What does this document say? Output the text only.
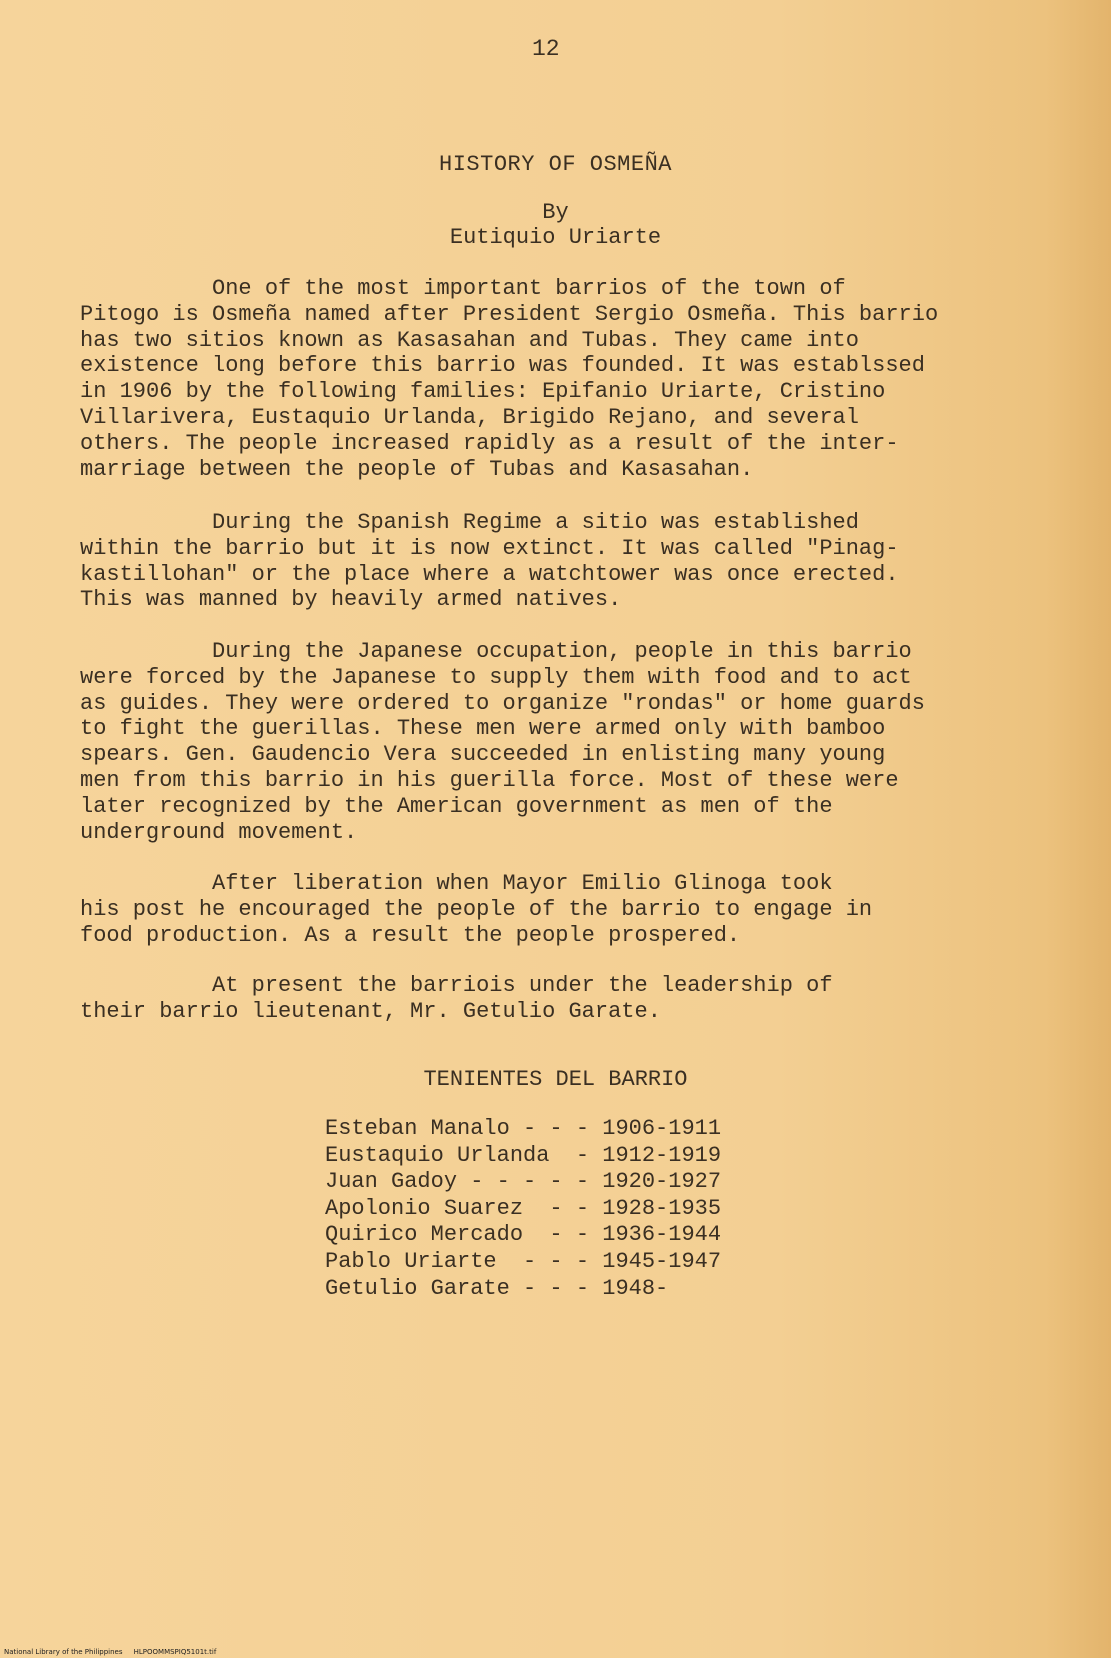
12
HISTORY OF OSMEÑA
By
Eutiquio Uriarte

One of the most important barrios of the town of
Pitogo is Osmeña named after President Sergio Osmeña. This barrio
has two sitios known as Kasasahan and Tubas. They came into
existence long before this barrio was founded. It was establssed
in 1906 by the following families: Epifanio Uriarte, Cristino
Villarivera, Eustaquio Urlanda, Brigido Rejano, and several
others. The people increased rapidly as a result of the inter-
marriage between the people of Tubas and Kasasahan.

During the Spanish Regime a sitio was established
within the barrio but it is now extinct. It was called "Pinag-
kastillohan" or the place where a watchtower was once erected.
This was manned by heavily armed natives.

During the Japanese occupation, people in this barrio
were forced by the Japanese to supply them with food and to act
as guides. They were ordered to organize "rondas" or home guards
to fight the guerillas. These men were armed only with bamboo
spears. Gen. Gaudencio Vera succeeded in enlisting many young
men from this barrio in his guerilla force. Most of these were
later recognized by the American government as men of the
underground movement.

After liberation when Mayor Emilio Glinoga took
his post he encouraged the people of the barrio to engage in
food production. As a result the people prospered.

At present the barriois under the leadership of
their barrio lieutenant, Mr. Getulio Garate.

TENIENTES DEL BARRIO
Esteban Manalo - - - 1906-1911
Eustaquio Urlanda  - 1912-1919
Juan Gadoy - - - - - 1920-1927
Apolonio Suarez  - - 1928-1935
Quirico Mercado  - - 1936-1944
Pablo Uriarte  - - - 1945-1947
Getulio Garate - - - 1948-
National Library of the Philippines     HLPOOMMSPIQ5101t.tif
